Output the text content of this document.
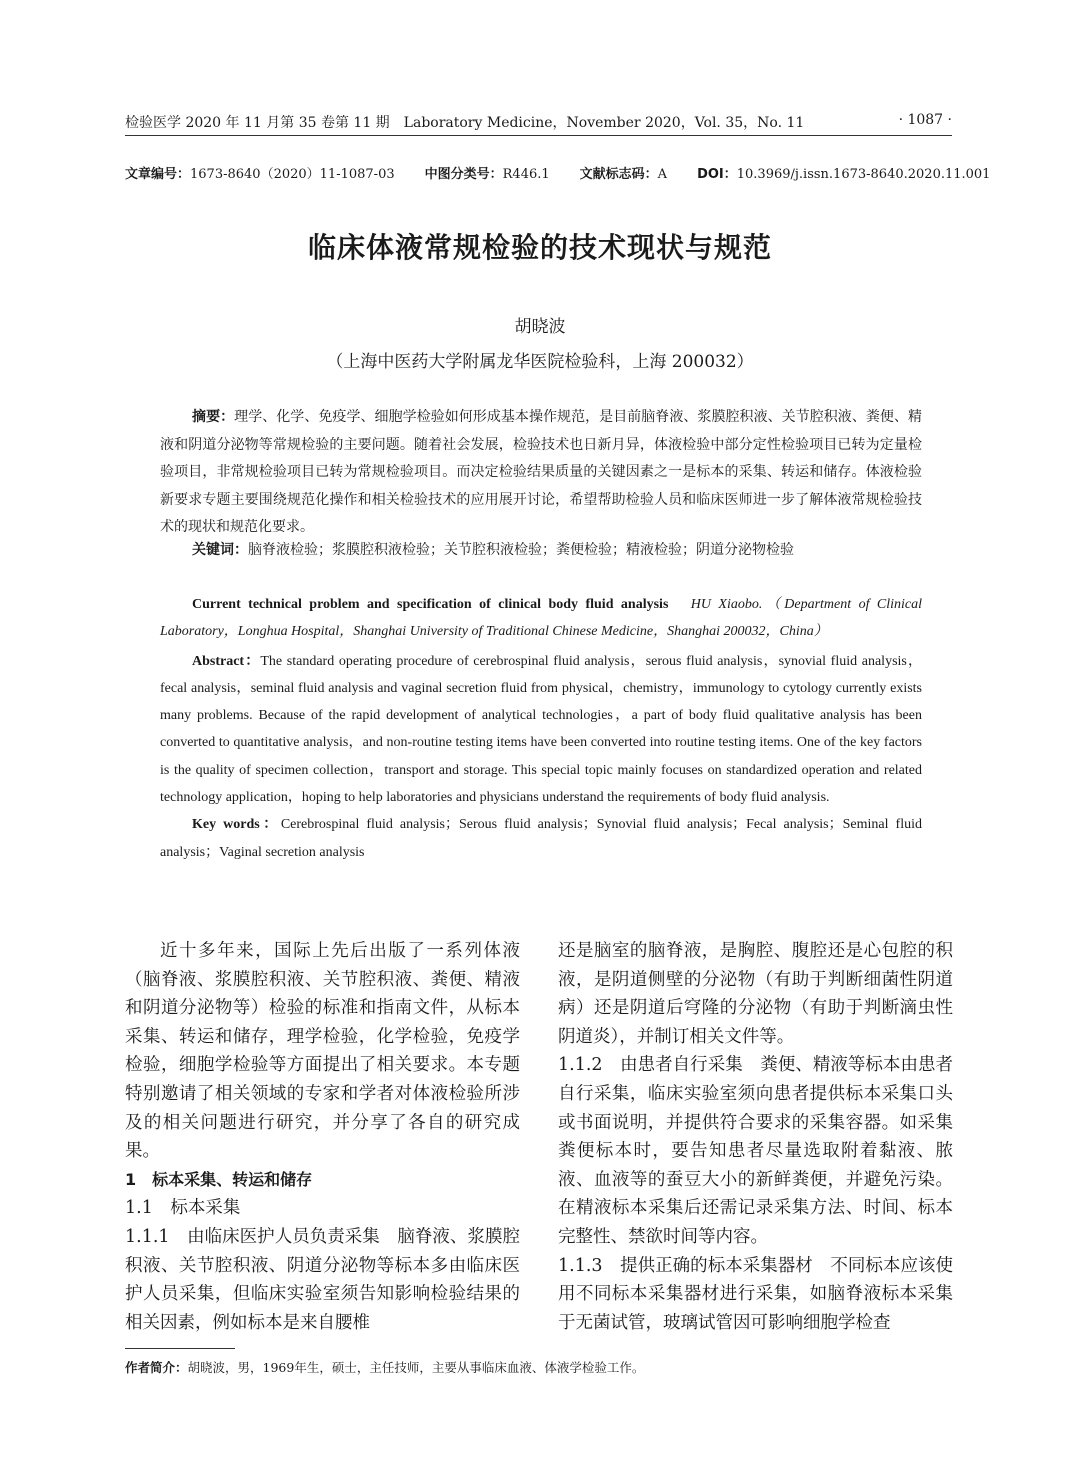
检验医学 2020 年 11 月第 35 卷第 11 期　Laboratory Medicine，November 2020，Vol. 35，No. 11	· 1087 ·
文章编号：1673-8640（2020）11-1087-03 中图分类号：R446.1 文献标志码：A DOI：10.3969/j.issn.1673-8640.2020.11.001
临床体液常规检验的技术现状与规范
胡晓波
（上海中医药大学附属龙华医院检验科，上海 200032）
摘要：理学、化学、免疫学、细胞学检验如何形成基本操作规范，是目前脑脊液、浆膜腔积液、关节腔积液、粪便、精液和阴道分泌物等常规检验的主要问题。随着社会发展，检验技术也日新月异，体液检验中部分定性检验项目已转为定量检验项目，非常规检验项目已转为常规检验项目。而决定检验结果质量的关键因素之一是标本的采集、转运和储存。体液检验新要求专题主要围绕规范化操作和相关检验技术的应用展开讨论，希望帮助检验人员和临床医师进一步了解体液常规检验技术的现状和规范化要求。
关键词：脑脊液检验；浆膜腔积液检验；关节腔积液检验；粪便检验；精液检验；阴道分泌物检验
Current technical problem and specification of clinical body fluid analysis HU Xiaobo.（Department of Clinical Laboratory，Longhua Hospital，Shanghai University of Traditional Chinese Medicine，Shanghai 200032，China）
Abstract：The standard operating procedure of cerebrospinal fluid analysis，serous fluid analysis，synovial fluid analysis，fecal analysis，seminal fluid analysis and vaginal secretion fluid from physical，chemistry，immunology to cytology currently exists many problems. Because of the rapid development of analytical technologies，a part of body fluid qualitative analysis has been converted to quantitative analysis，and non-routine testing items have been converted into routine testing items. One of the key factors is the quality of specimen collection，transport and storage. This special topic mainly focuses on standardized operation and related technology application，hoping to help laboratories and physicians understand the requirements of body fluid analysis.
Key words：Cerebrospinal fluid analysis；Serous fluid analysis；Synovial fluid analysis；Fecal analysis；Seminal fluid analysis；Vaginal secretion analysis

近十多年来，国际上先后出版了一系列体液（脑脊液、浆膜腔积液、关节腔积液、粪便、精液和阴道分泌物等）检验的标准和指南文件，从标本采集、转运和储存，理学检验，化学检验，免疫学检验，细胞学检验等方面提出了相关要求。本专题特别邀请了相关领域的专家和学者对体液检验所涉及的相关问题进行研究，并分享了各自的研究成果。

1　标本采集、转运和储存

1.1　标本采集

1.1.1　由临床医护人员负责采集　脑脊液、浆膜腔积液、关节腔积液、阴道分泌物等标本多由临床医护人员采集，但临床实验室须告知影响检验结果的相关因素，例如标本是来自腰椎

还是脑室的脑脊液，是胸腔、腹腔还是心包腔的积液，是阴道侧壁的分泌物（有助于判断细菌性阴道病）还是阴道后穹隆的分泌物（有助于判断滴虫性阴道炎），并制订相关文件等。

1.1.2　由患者自行采集　粪便、精液等标本由患者自行采集，临床实验室须向患者提供标本采集口头或书面说明，并提供符合要求的采集容器。如采集粪便标本时，要告知患者尽量选取附着黏液、脓液、血液等的蚕豆大小的新鲜粪便，并避免污染。在精液标本采集后还需记录采集方法、时间、标本完整性、禁欲时间等内容。

1.1.3　提供正确的标本采集器材　不同标本应该使用不同标本采集器材进行采集，如脑脊液标本采集于无菌试管，玻璃试管因可影响细胞学检查

作者简介：胡晓波，男，1969年生，硕士，主任技师，主要从事临床血液、体液学检验工作。
